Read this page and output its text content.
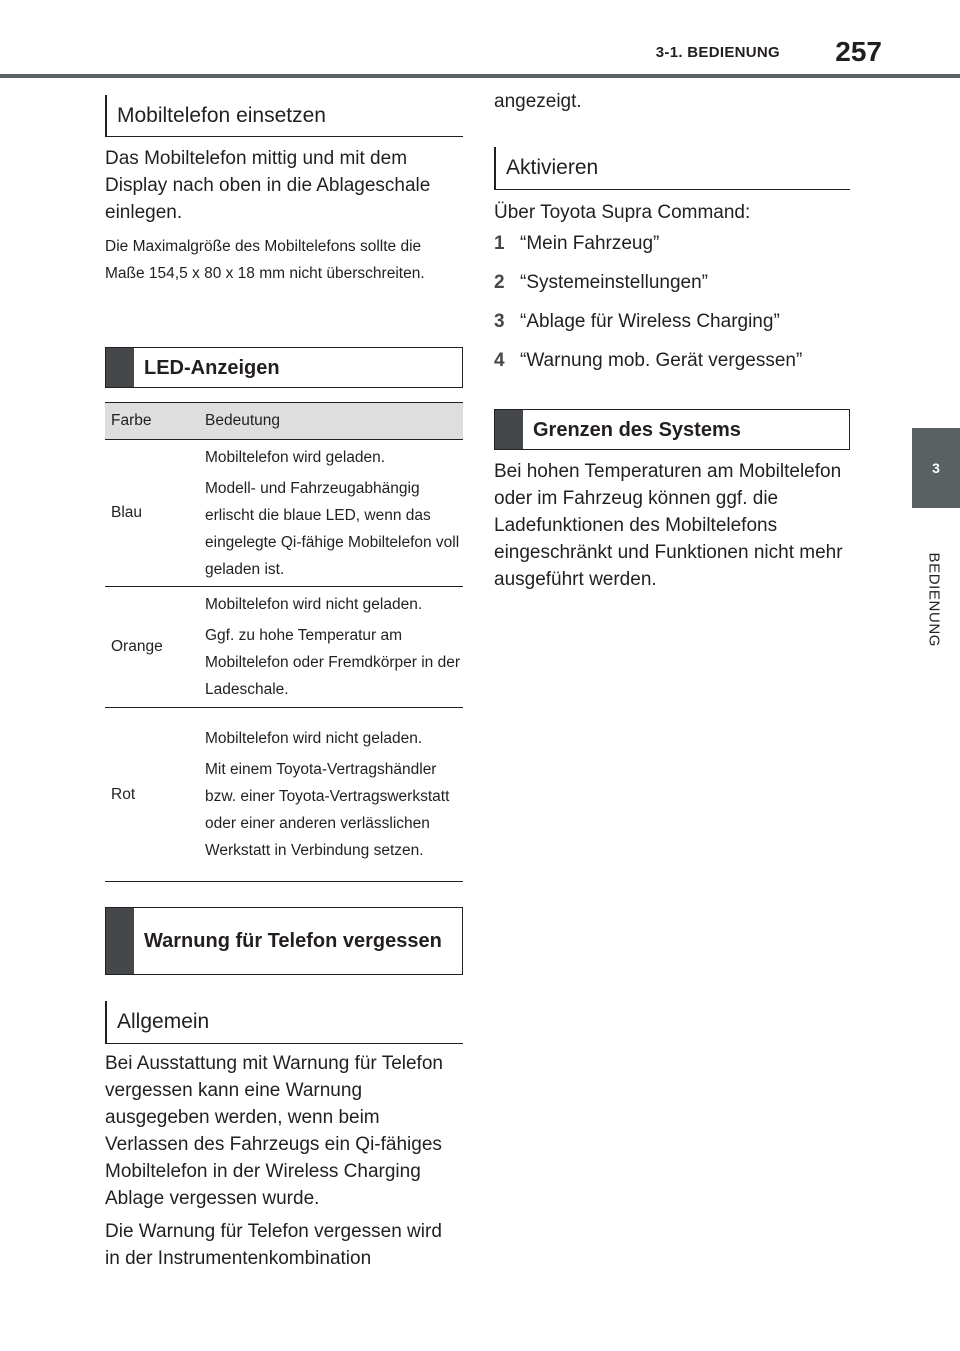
3-1. BEDIENUNG 257
3
BEDIENUNG
Mobiltelefon einsetzen
Das Mobiltelefon mittig und mit dem Display nach oben in die Ablageschale einlegen.
Die Maximalgröße des Mobiltelefons sollte die Maße 154,5 x 80 x 18 mm nicht überschreiten.
LED-Anzeigen
Farbe	Bedeutung
Blau
Mobiltelefon wird geladen.
Modell- und Fahrzeugabhängig erlischt die blaue LED, wenn das eingelegte Qi-fähige Mobiltelefon voll geladen ist.
Orange
Mobiltelefon wird nicht geladen.
Ggf. zu hohe Temperatur am Mobiltelefon oder Fremdkörper in der Ladeschale.
Rot
Mobiltelefon wird nicht geladen.
Mit einem Toyota-Vertragshändler bzw. einer Toyota-Vertragswerkstatt oder einer anderen verlässlichen Werkstatt in Verbindung setzen.
Warnung für Telefon vergessen
Allgemein
Bei Ausstattung mit Warnung für Telefon vergessen kann eine Warnung ausgegeben werden, wenn beim Verlassen des Fahrzeugs ein Qi-fähiges Mobiltelefon in der Wireless Charging Ablage vergessen wurde.
Die Warnung für Telefon vergessen wird in der Instrumentenkombination
angezeigt.
Aktivieren
Über Toyota Supra Command:
1 “Mein Fahrzeug”
2 “Systemeinstellungen”
3 “Ablage für Wireless Charging”
4 “Warnung mob. Gerät vergessen”
Grenzen des Systems
Bei hohen Temperaturen am Mobiltelefon oder im Fahrzeug können ggf. die Ladefunktionen des Mobiltelefons eingeschränkt und Funktionen nicht mehr ausgeführt werden.
